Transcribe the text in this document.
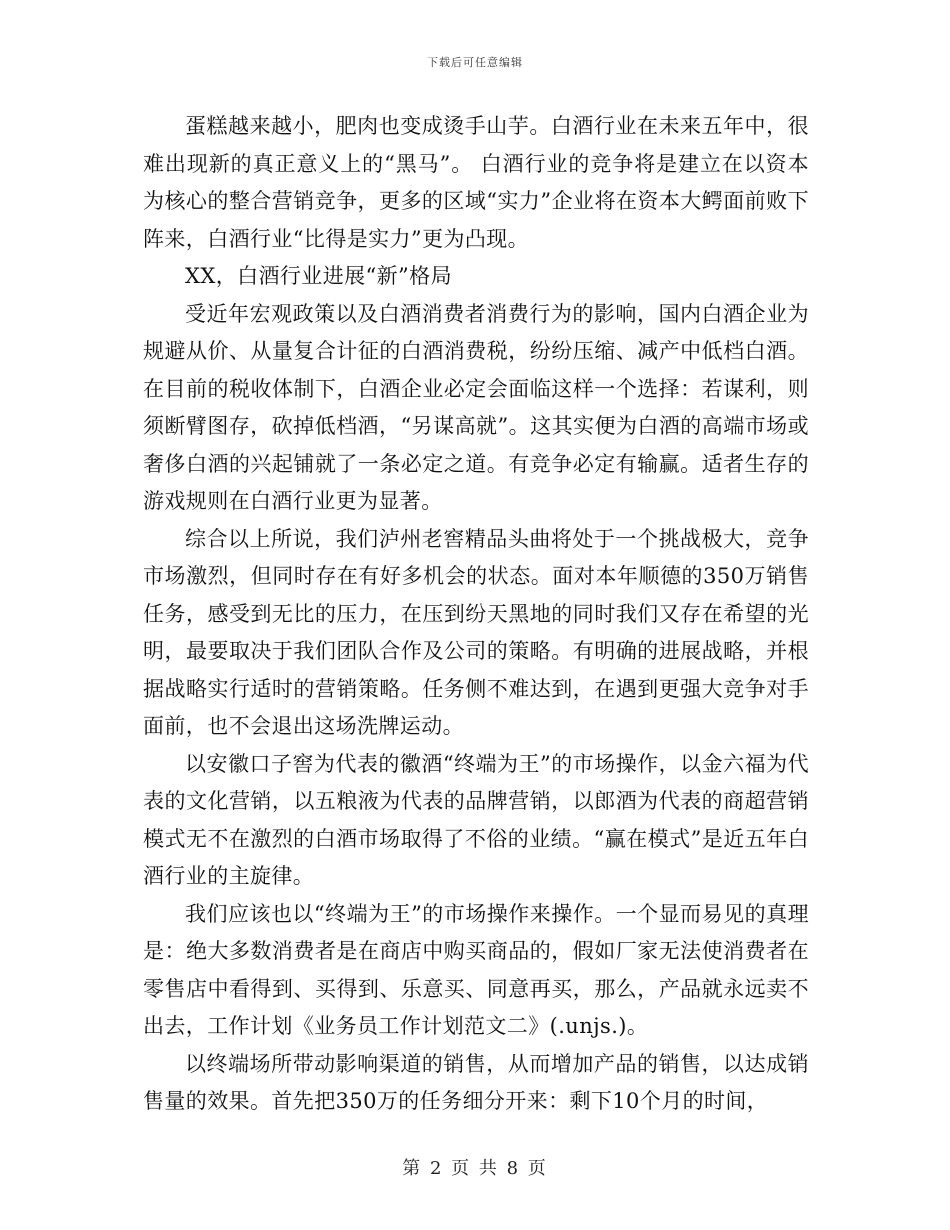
下载后可任意编辑

蛋糕越来越小，肥肉也变成烫手山芋。白酒行业在未来五年中，很难出现新的真正意义上的“黑马”。 白酒行业的竞争将是建立在以资本为核心的整合营销竞争，更多的区域“实力”企业将在资本大鳄面前败下阵来，白酒行业“比得是实力”更为凸现。

XX，白酒行业进展“新”格局

受近年宏观政策以及白酒消费者消费行为的影响，国内白酒企业为规避从价、从量复合计征的白酒消费税，纷纷压缩、减产中低档白酒。在目前的税收体制下，白酒企业必定会面临这样一个选择：若谋利，则须断臂图存，砍掉低档酒，“另谋高就”。这其实便为白酒的高端市场或奢侈白酒的兴起铺就了一条必定之道。有竞争必定有输赢。适者生存的游戏规则在白酒行业更为显著。

综合以上所说，我们泸州老窖精品头曲将处于一个挑战极大，竞争市场激烈，但同时存在有好多机会的状态。面对本年顺德的350万销售任务，感受到无比的压力，在压到纷天黑地的同时我们又存在希望的光明，最要取决于我们团队合作及公司的策略。有明确的进展战略，并根据战略实行适时的营销策略。任务侧不难达到，在遇到更强大竞争对手面前，也不会退出这场洗牌运动。

以安徽口子窖为代表的徽酒“终端为王”的市场操作，以金六福为代表的文化营销，以五粮液为代表的品牌营销，以郎酒为代表的商超营销模式无不在激烈的白酒市场取得了不俗的业绩。“赢在模式”是近五年白酒行业的主旋律。

我们应该也以“终端为王”的市场操作来操作。一个显而易见的真理是：绝大多数消费者是在商店中购买商品的，假如厂家无法使消费者在零售店中看得到、买得到、乐意买、同意再买，那么，产品就永远卖不出去，工作计划《业务员工作计划范文二》(.unjs.)。

以终端场所带动影响渠道的销售，从而增加产品的销售，以达成销售量的效果。首先把350万的任务细分开来：剩下10个月的时间，

第 2 页 共 8 页
